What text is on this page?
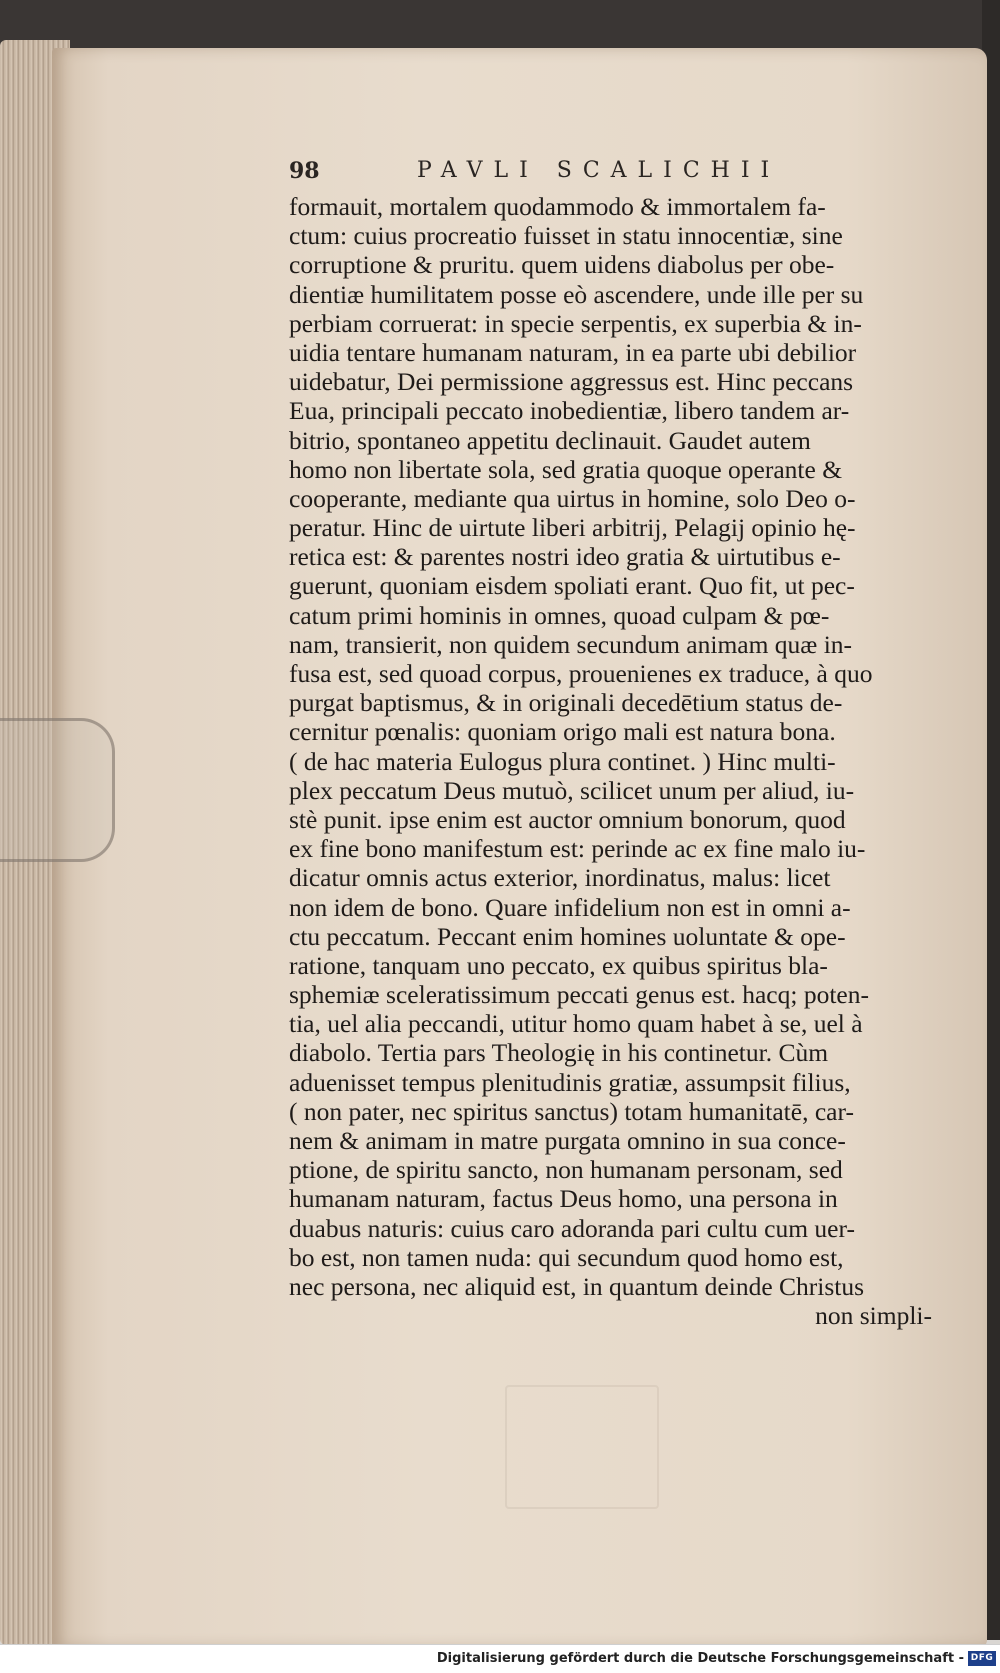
98	PAVLI SCALICHII
formauit, mortalem quodammodo & immortalem fa-
ctum: cuius procreatio fuisset in statu innocentiæ, sine
corruptione & pruritu. quem uidens diabolus per obe-
dientiæ humilitatem posse eò ascendere, unde ille per su
perbiam corruerat: in specie serpentis, ex superbia & in-
uidia tentare humanam naturam, in ea parte ubi debilior
uidebatur, Dei permissione aggressus est. Hinc peccans
Eua, principali peccato inobedientiæ, libero tandem ar-
bitrio, spontaneo appetitu declinauit. Gaudet autem
homo non libertate sola, sed gratia quoque operante &
cooperante, mediante qua uirtus in homine, solo Deo o-
peratur. Hinc de uirtute liberi arbitrij, Pelagij opinio hę-
retica est: & parentes nostri ideo gratia & uirtutibus e-
guerunt, quoniam eisdem spoliati erant. Quo fit, ut pec-
catum primi hominis in omnes, quoad culpam & pœ-
nam, transierit, non quidem secundum animam quæ in-
fusa est, sed quoad corpus, prouenienes ex traduce, à quo
purgat baptismus, & in originali decedētium status de-
cernitur pœnalis: quoniam origo mali est natura bona.
( de hac materia Eulogus plura continet. ) Hinc multi-
plex peccatum Deus mutuò, scilicet unum per aliud, iu-
stè punit. ipse enim est auctor omnium bonorum, quod
ex fine bono manifestum est: perinde ac ex fine malo iu-
dicatur omnis actus exterior, inordinatus, malus: licet
non idem de bono. Quare infidelium non est in omni a-
ctu peccatum. Peccant enim homines uoluntate & ope-
ratione, tanquam uno peccato, ex quibus spiritus bla-
sphemiæ sceleratissimum peccati genus est. hacq; poten-
tia, uel alia peccandi, utitur homo quam habet à se, uel à
diabolo. Tertia pars Theologię in his continetur. Cùm
aduenisset tempus plenitudinis gratiæ, assumpsit filius,
( non pater, nec spiritus sanctus) totam humanitatē, car-
nem & animam in matre purgata omnino in sua conce-
ptione, de spiritu sancto, non humanam personam, sed
humanam naturam, factus Deus homo, una persona in
duabus naturis: cuius caro adoranda pari cultu cum uer-
bo est, non tamen nuda: qui secundum quod homo est,
nec persona, nec aliquid est, in quantum deinde Christus
non simpli-
Digitalisierung gefördert durch die Deutsche Forschungsgemeinschaft - DFG
